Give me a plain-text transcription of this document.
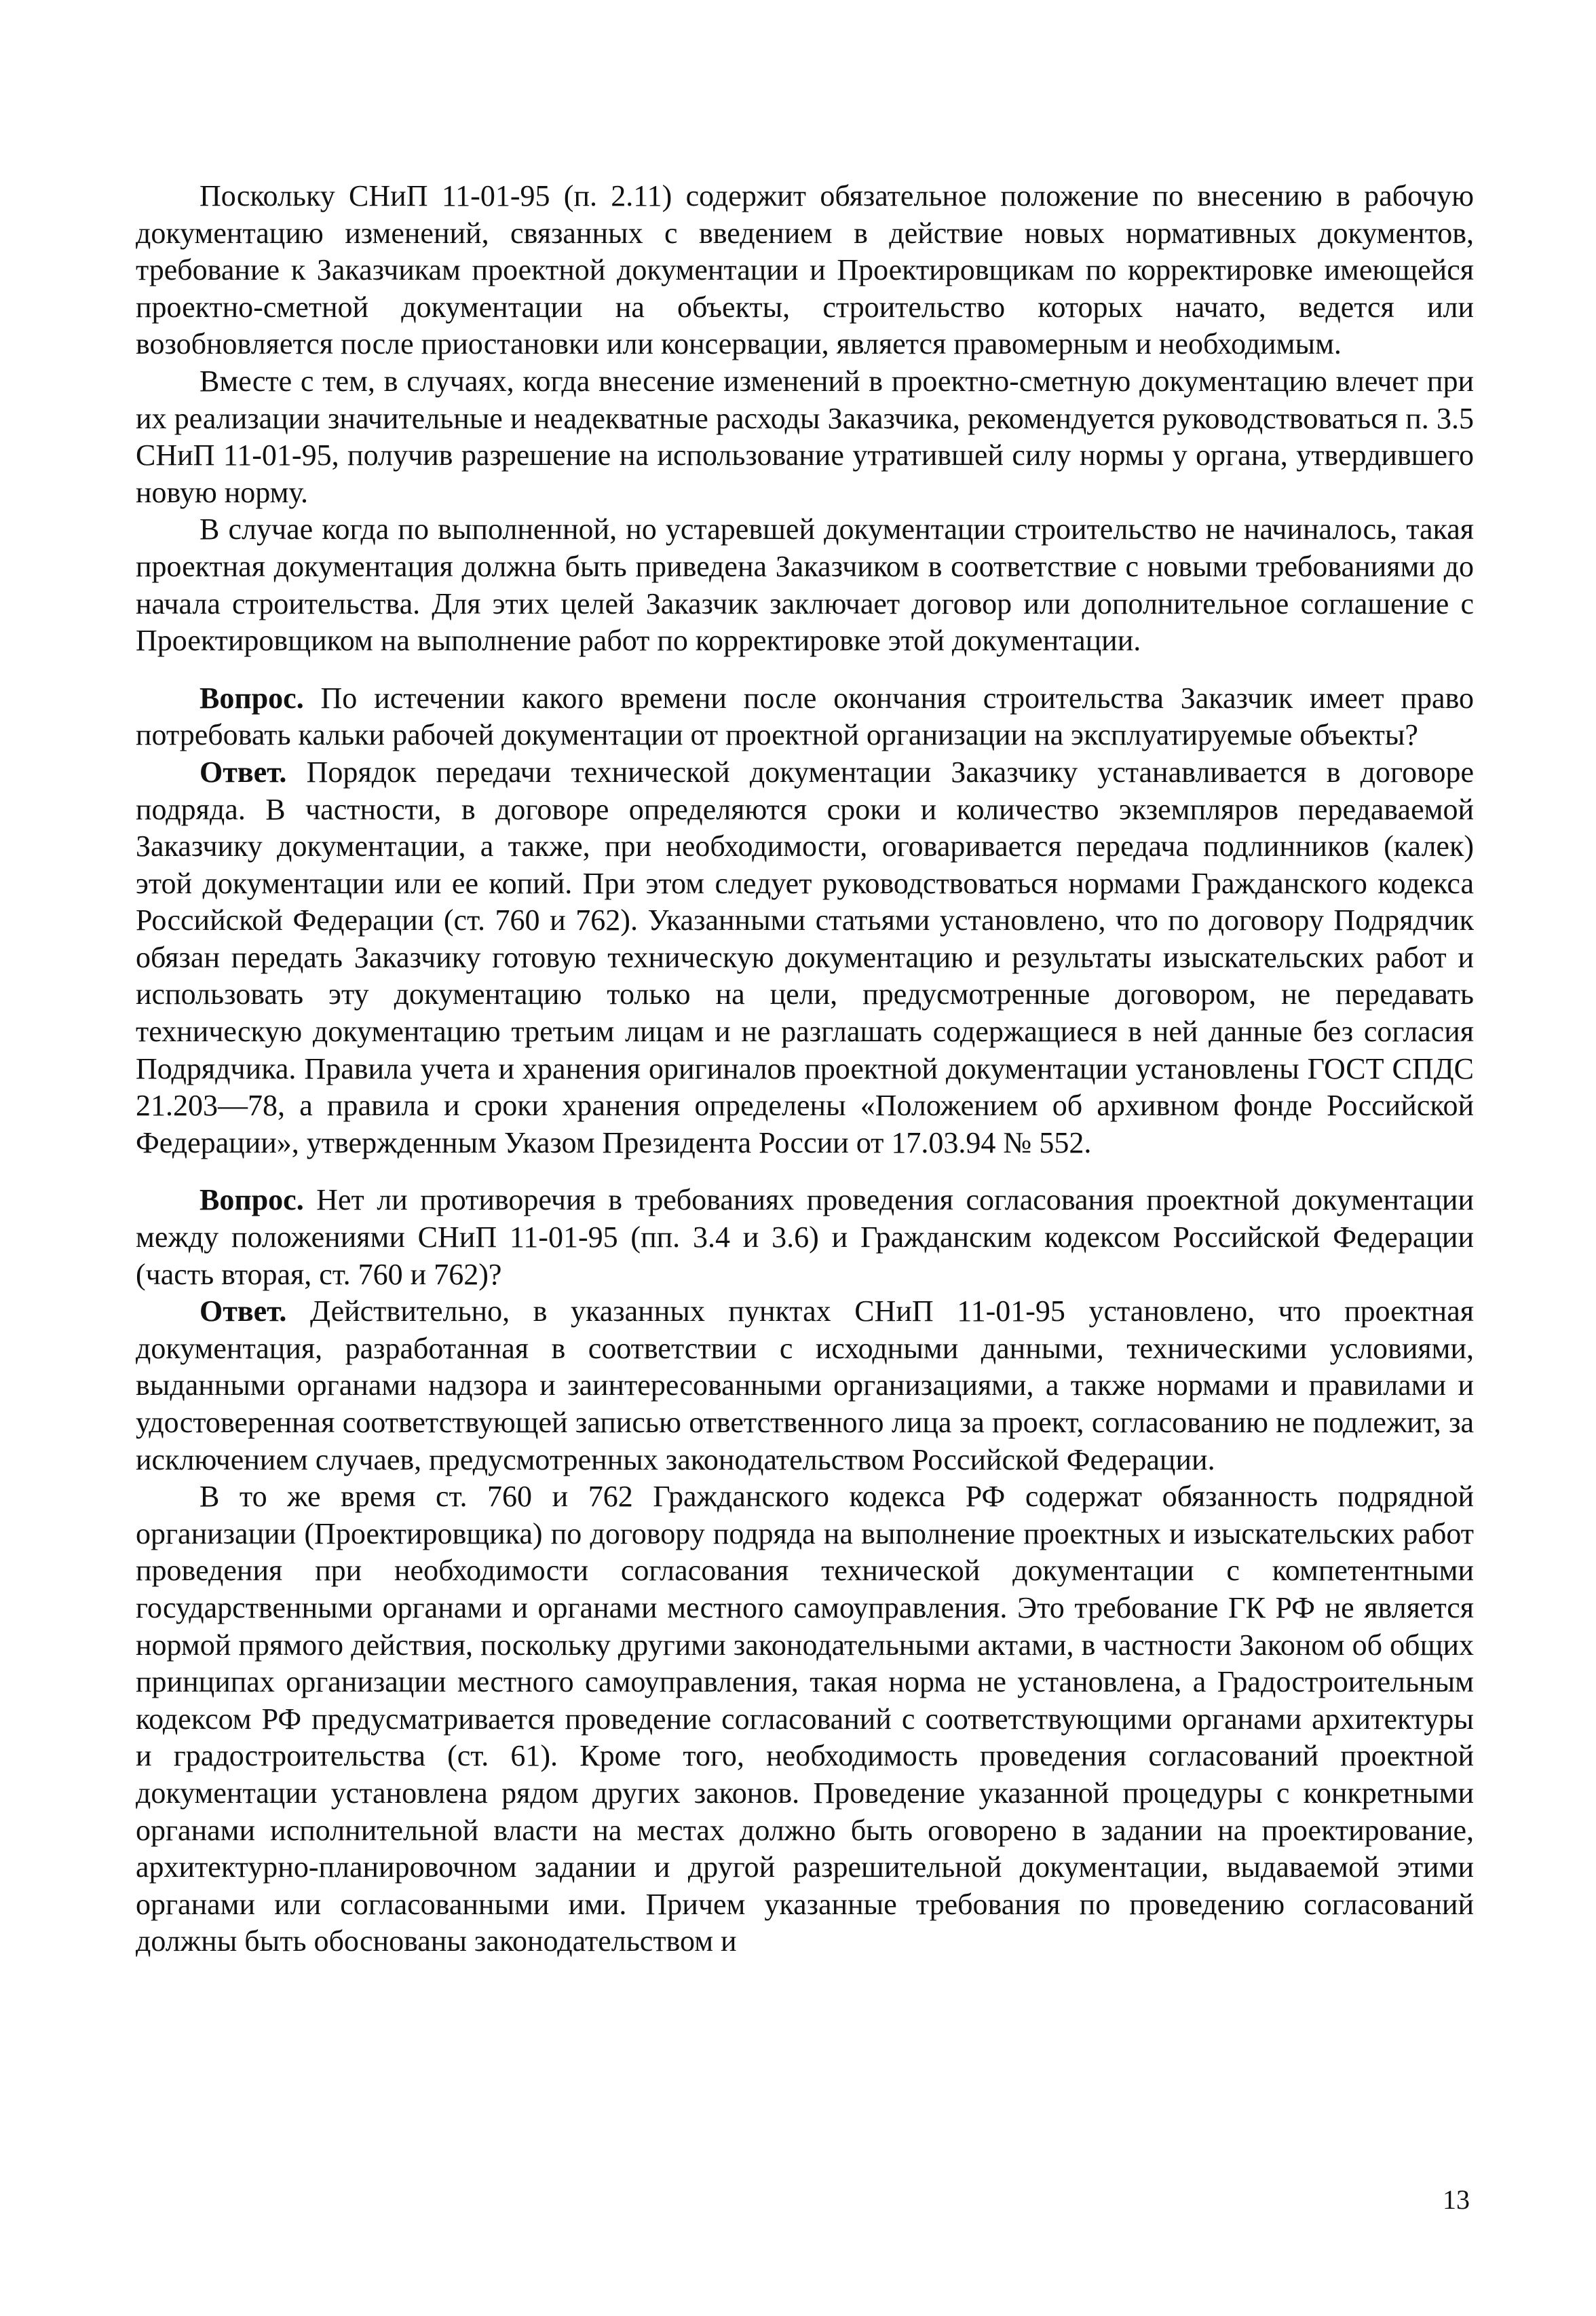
Поскольку СНиП 11-01-95 (п. 2.11) содержит обязательное положение по внесению в рабочую документацию изменений, связанных с введением в действие новых нормативных документов, требование к Заказчикам проектной документации и Проектировщикам по корректировке имеющейся проектно-сметной документации на объекты, строительство которых начато, ведется или возобновляется после приостановки или консервации, является правомерным и необходимым.

Вместе с тем, в случаях, когда внесение изменений в проектно-сметную документацию влечет при их реализации значительные и неадекватные расходы Заказчика, рекомендуется руководствоваться п. 3.5 СНиП 11-01-95, получив разрешение на использование утратившей силу нормы у органа, утвердившего новую норму.

В случае когда по выполненной, но устаревшей документации строительство не начиналось, такая проектная документация должна быть приведена Заказчиком в соответствие с новыми требованиями до начала строительства. Для этих целей Заказчик заключает договор или дополнительное соглашение с Проектировщиком на выполнение работ по корректировке этой документации.

Вопрос. По истечении какого времени после окончания строительства Заказчик имеет право потребовать кальки рабочей документации от проектной организации на эксплуатируемые объекты?

Ответ. Порядок передачи технической документации Заказчику устанавливается в договоре подряда. В частности, в договоре определяются сроки и количество экземпляров передаваемой Заказчику документации, а также, при необходимости, оговаривается передача подлинников (калек) этой документации или ее копий. При этом следует руководствоваться нормами Гражданского кодекса Российской Федерации (ст. 760 и 762). Указанными статьями установлено, что по договору Подрядчик обязан передать Заказчику готовую техническую документацию и результаты изыскательских работ и использовать эту документацию только на цели, предусмотренные договором, не передавать техническую документацию третьим лицам и не разглашать содержащиеся в ней данные без согласия Подрядчика. Правила учета и хранения оригиналов проектной документации установлены ГОСТ СПДС 21.203—78, а правила и сроки хранения определены «Положением об архивном фонде Российской Федерации», утвержденным Указом Президента России от 17.03.94 № 552.

Вопрос. Нет ли противоречия в требованиях проведения согласования проектной документации между положениями СНиП 11-01-95 (пп. 3.4 и 3.6) и Гражданским кодексом Российской Федерации (часть вторая, ст. 760 и 762)?

Ответ. Действительно, в указанных пунктах СНиП 11-01-95 установлено, что проектная документация, разработанная в соответствии с исходными данными, техническими условиями, выданными органами надзора и заинтересованными организациями, а также нормами и правилами и удостоверенная соответствующей записью ответственного лица за проект, согласованию не подлежит, за исключением случаев, предусмотренных законодательством Российской Федерации.

В то же время ст. 760 и 762 Гражданского кодекса РФ содержат обязанность подрядной организации (Проектировщика) по договору подряда на выполнение проектных и изыскательских работ проведения при необходимости согласования технической документации с компетентными государственными органами и органами местного самоуправления. Это требование ГК РФ не является нормой прямого действия, поскольку другими законодательными актами, в частности Законом об общих принципах организации местного самоуправления, такая норма не установлена, а Градостроительным кодексом РФ предусматривается проведение согласований с соответствующими органами архитектуры и градостроительства (ст. 61). Кроме того, необходимость проведения согласований проектной документации установлена рядом других законов. Проведение указанной процедуры с конкретными органами исполнительной власти на местах должно быть оговорено в задании на проектирование, архитектурно-планировочном задании и другой разрешительной документации, выдаваемой этими органами или согласованными ими. Причем указанные требования по проведению согласований должны быть обоснованы законодательством и

13
